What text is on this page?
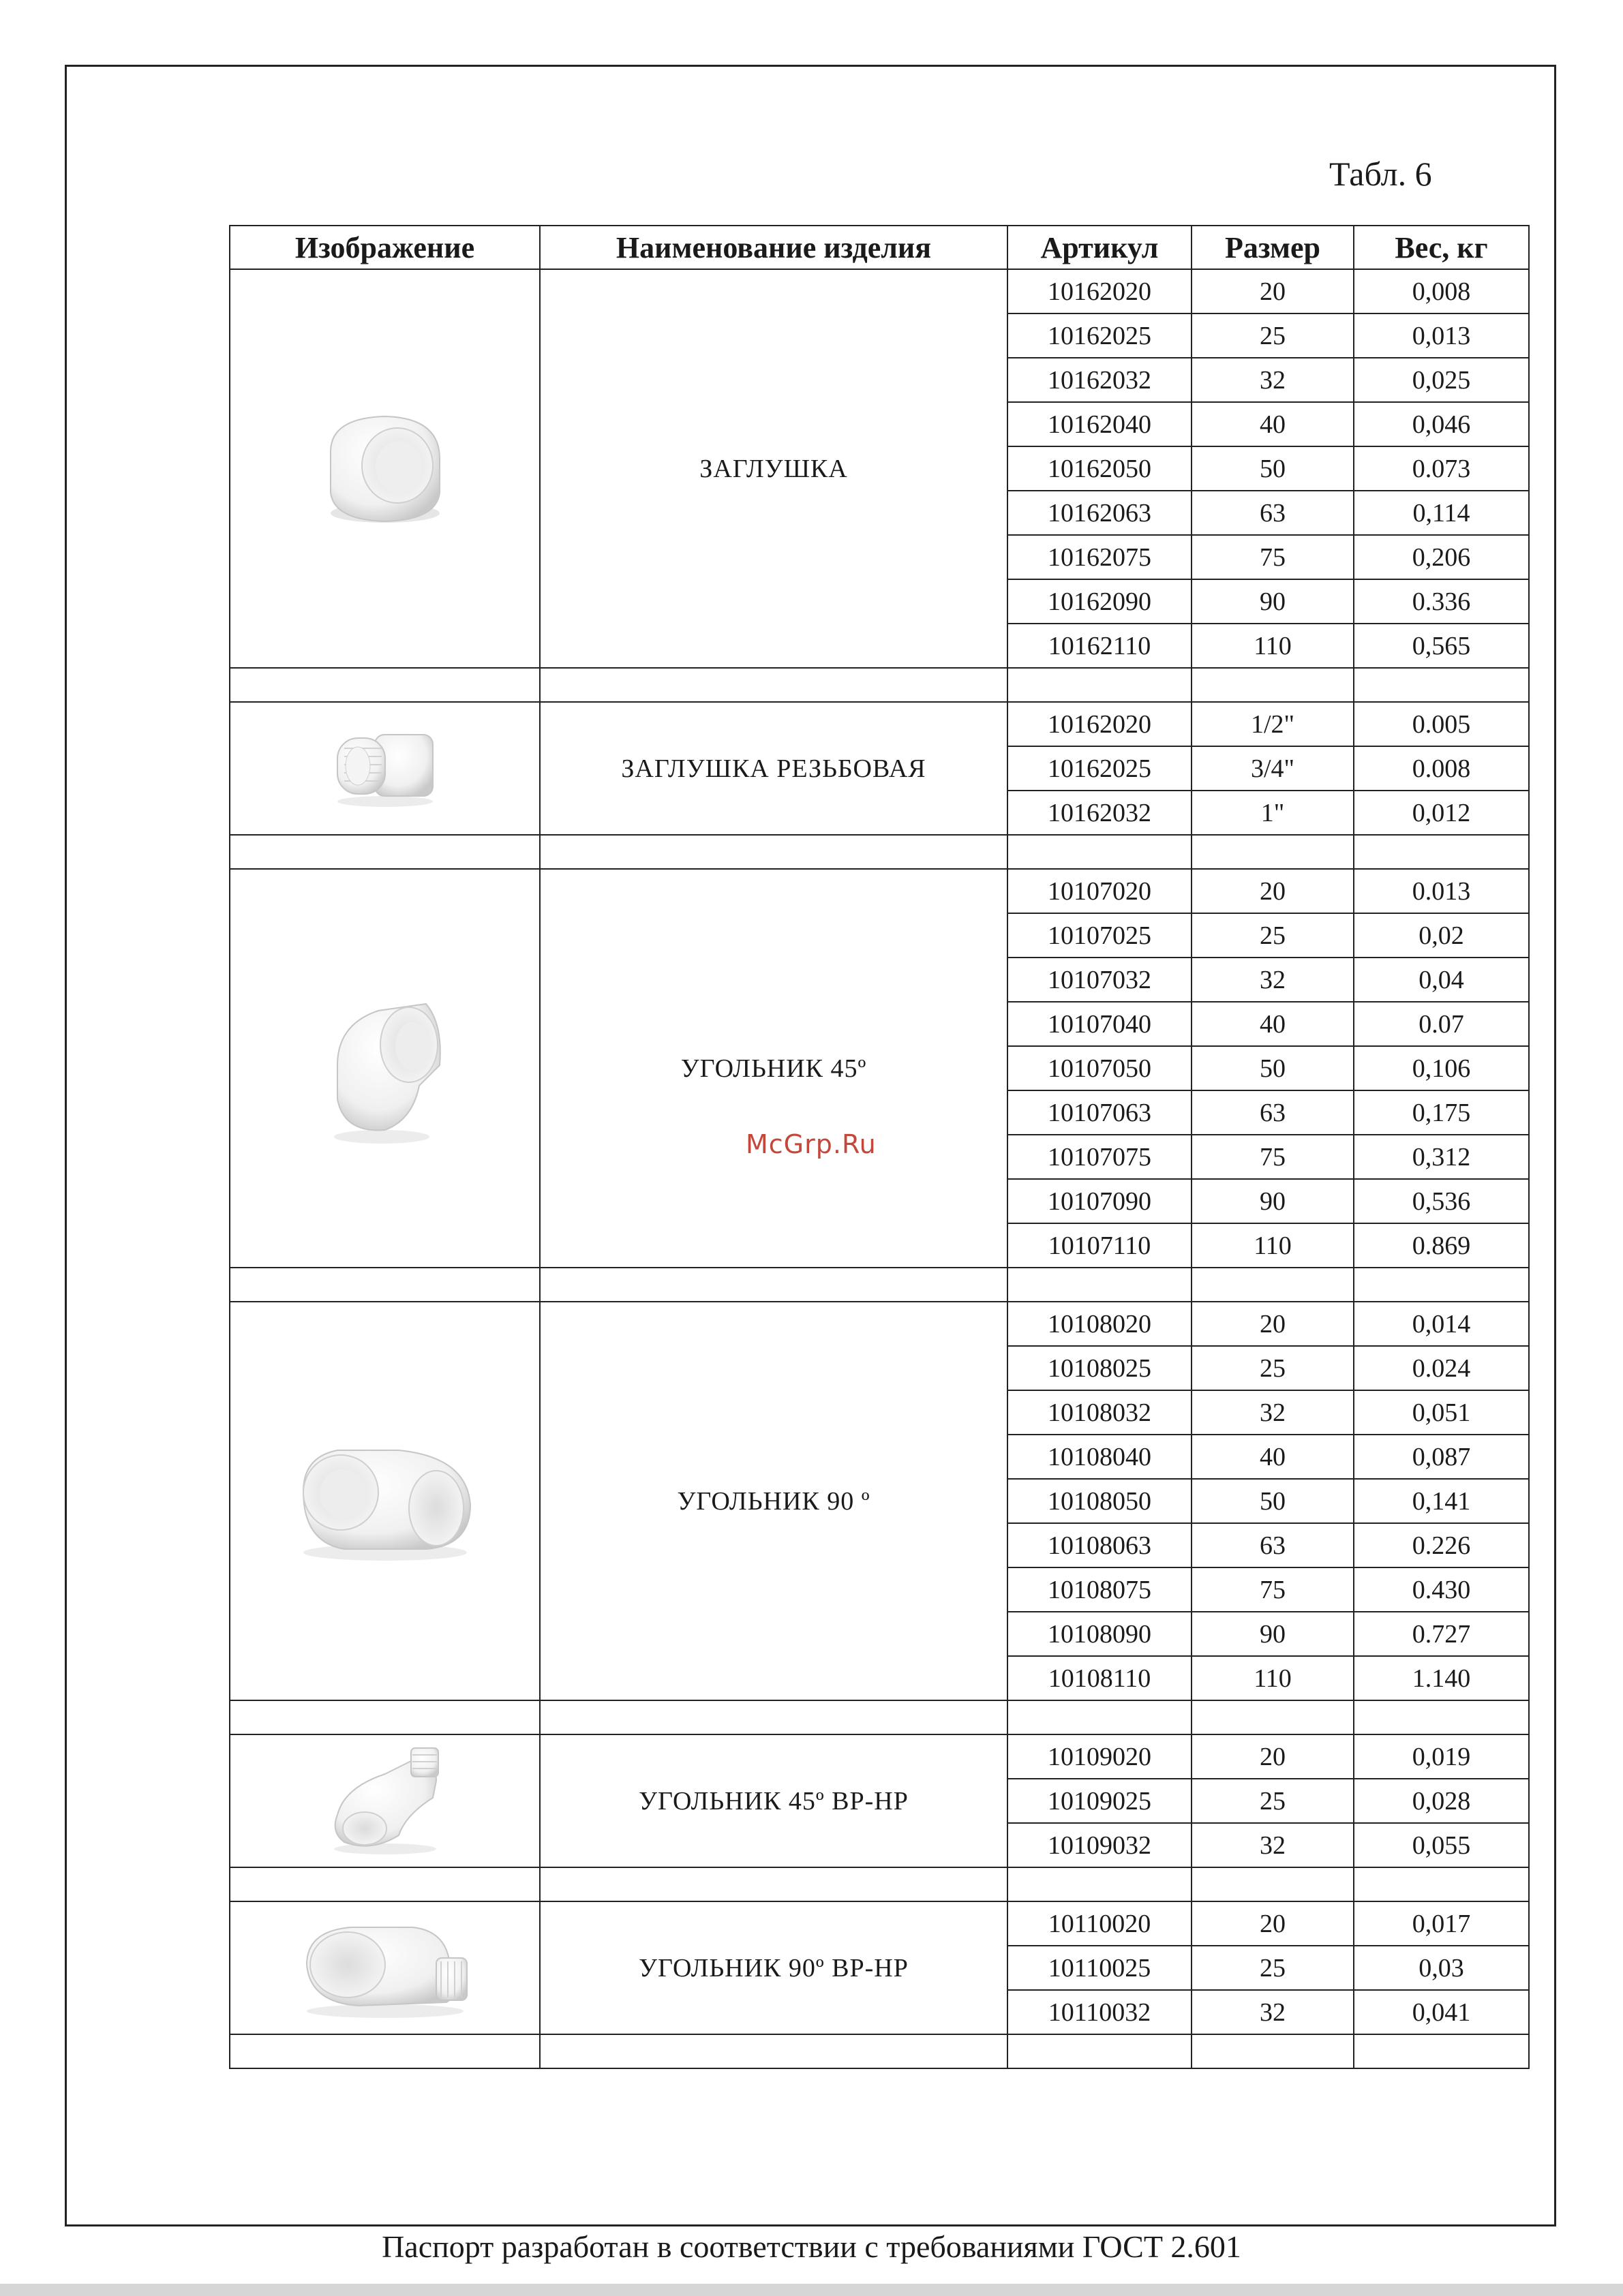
Табл. 6
Изображение	Наименование изделия	Артикул	Размер	Вес, кг

	ЗАГЛУШКА	10162020	20	0,008
		10162025	25	0,013
		10162032	32	0,025
		10162040	40	0,046
		10162050	50	0.073
		10162063	63	0,114
		10162075	75	0,206
		10162090	90	0.336
		10162110	110	0,565

	ЗАГЛУШКА РЕЗЬБОВАЯ	10162020	1/2"	0.005
		10162025	3/4"	0.008
		10162032	1"	0,012

	УГОЛЬНИК 45º	10107020	20	0.013
		10107025	25	0,02
		10107032	32	0,04
		10107040	40	0.07
		10107050	50	0,106
		10107063	63	0,175
		10107075	75	0,312
		10107090	90	0,536
		10107110	110	0.869

	УГОЛЬНИК 90 º	10108020	20	0,014
		10108025	25	0.024
		10108032	32	0,051
		10108040	40	0,087
		10108050	50	0,141
		10108063	63	0.226
		10108075	75	0.430
		10108090	90	0.727
		10108110	110	1.140

	УГОЛЬНИК 45º ВР-НР	10109020	20	0,019
		10109025	25	0,028
		10109032	32	0,055

	УГОЛЬНИК 90º ВР-НР	10110020	20	0,017
		10110025	25	0,03
		10110032	32	0,041

McGrp.Ru
Паспорт разработан в соответствии с требованиями ГОСТ 2.601
